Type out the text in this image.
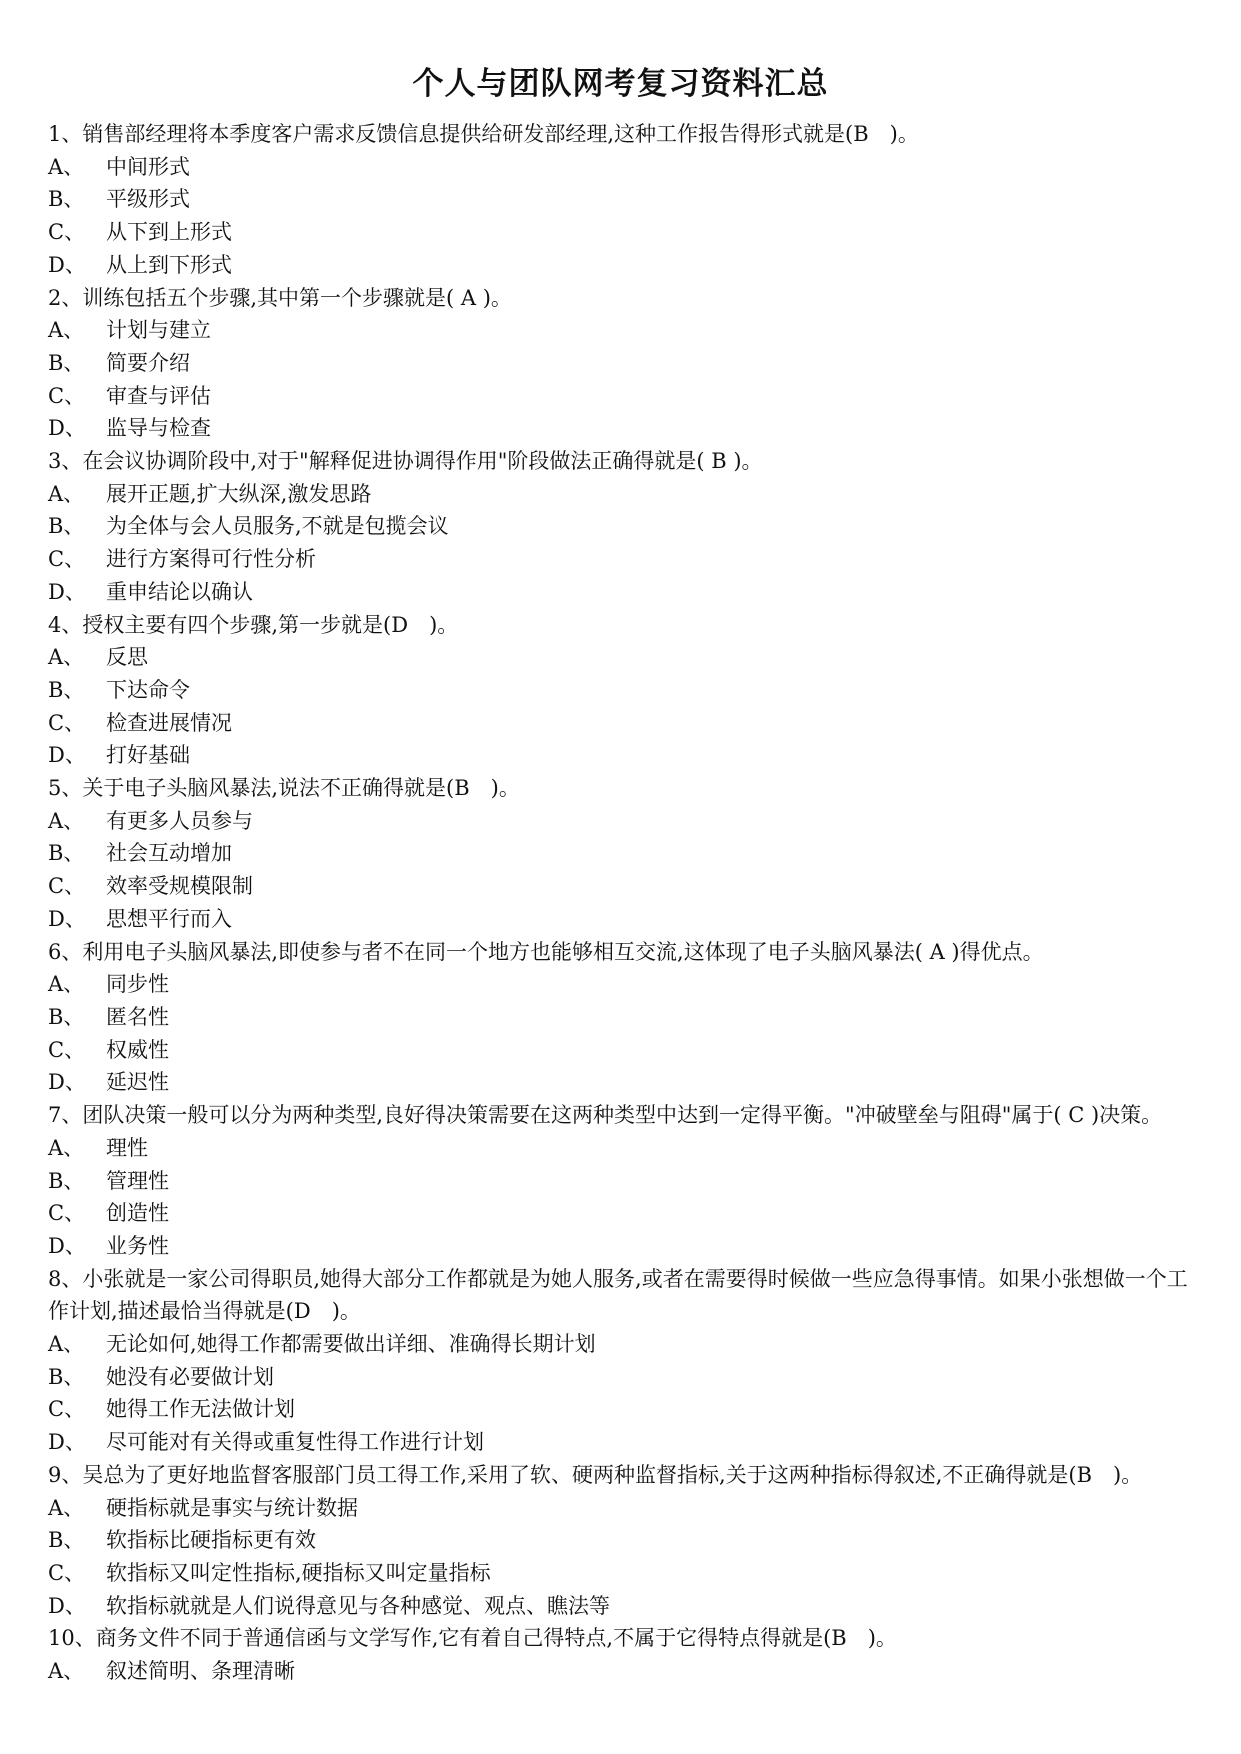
个人与团队网考复习资料汇总
1、销售部经理将本季度客户需求反馈信息提供给研发部经理,这种工作报告得形式就是(B　)。
A、 中间形式
B、 平级形式
C、 从下到上形式
D、 从上到下形式
2、训练包括五个步骤,其中第一个步骤就是( A )。
A、 计划与建立
B、 简要介绍
C、 审查与评估
D、 监导与检查
3、在会议协调阶段中,对于"解释促进协调得作用"阶段做法正确得就是( B )。
A、 展开正题,扩大纵深,激发思路
B、 为全体与会人员服务,不就是包揽会议
C、 进行方案得可行性分析
D、 重申结论以确认
4、授权主要有四个步骤,第一步就是(D　)。
A、 反思
B、 下达命令
C、 检查进展情况
D、 打好基础
5、关于电子头脑风暴法,说法不正确得就是(B　)。
A、 有更多人员参与
B、 社会互动增加
C、 效率受规模限制
D、 思想平行而入
6、利用电子头脑风暴法,即使参与者不在同一个地方也能够相互交流,这体现了电子头脑风暴法( A )得优点。
A、 同步性
B、 匿名性
C、 权威性
D、 延迟性
7、团队决策一般可以分为两种类型,良好得决策需要在这两种类型中达到一定得平衡。"冲破壁垒与阻碍"属于( C )决策。
A、 理性
B、 管理性
C、 创造性
D、 业务性
8、小张就是一家公司得职员,她得大部分工作都就是为她人服务,或者在需要得时候做一些应急得事情。如果小张想做一个工作计划,描述最恰当得就是(D　)。
A、 无论如何,她得工作都需要做出详细、准确得长期计划
B、 她没有必要做计划
C、 她得工作无法做计划
D、 尽可能对有关得或重复性得工作进行计划
9、吴总为了更好地监督客服部门员工得工作,采用了软、硬两种监督指标,关于这两种指标得叙述,不正确得就是(B　)。
A、 硬指标就是事实与统计数据
B、 软指标比硬指标更有效
C、 软指标又叫定性指标,硬指标又叫定量指标
D、 软指标就就是人们说得意见与各种感觉、观点、瞧法等
10、商务文件不同于普通信函与文学写作,它有着自己得特点,不属于它得特点得就是(B　)。
A、 叙述简明、条理清晰
